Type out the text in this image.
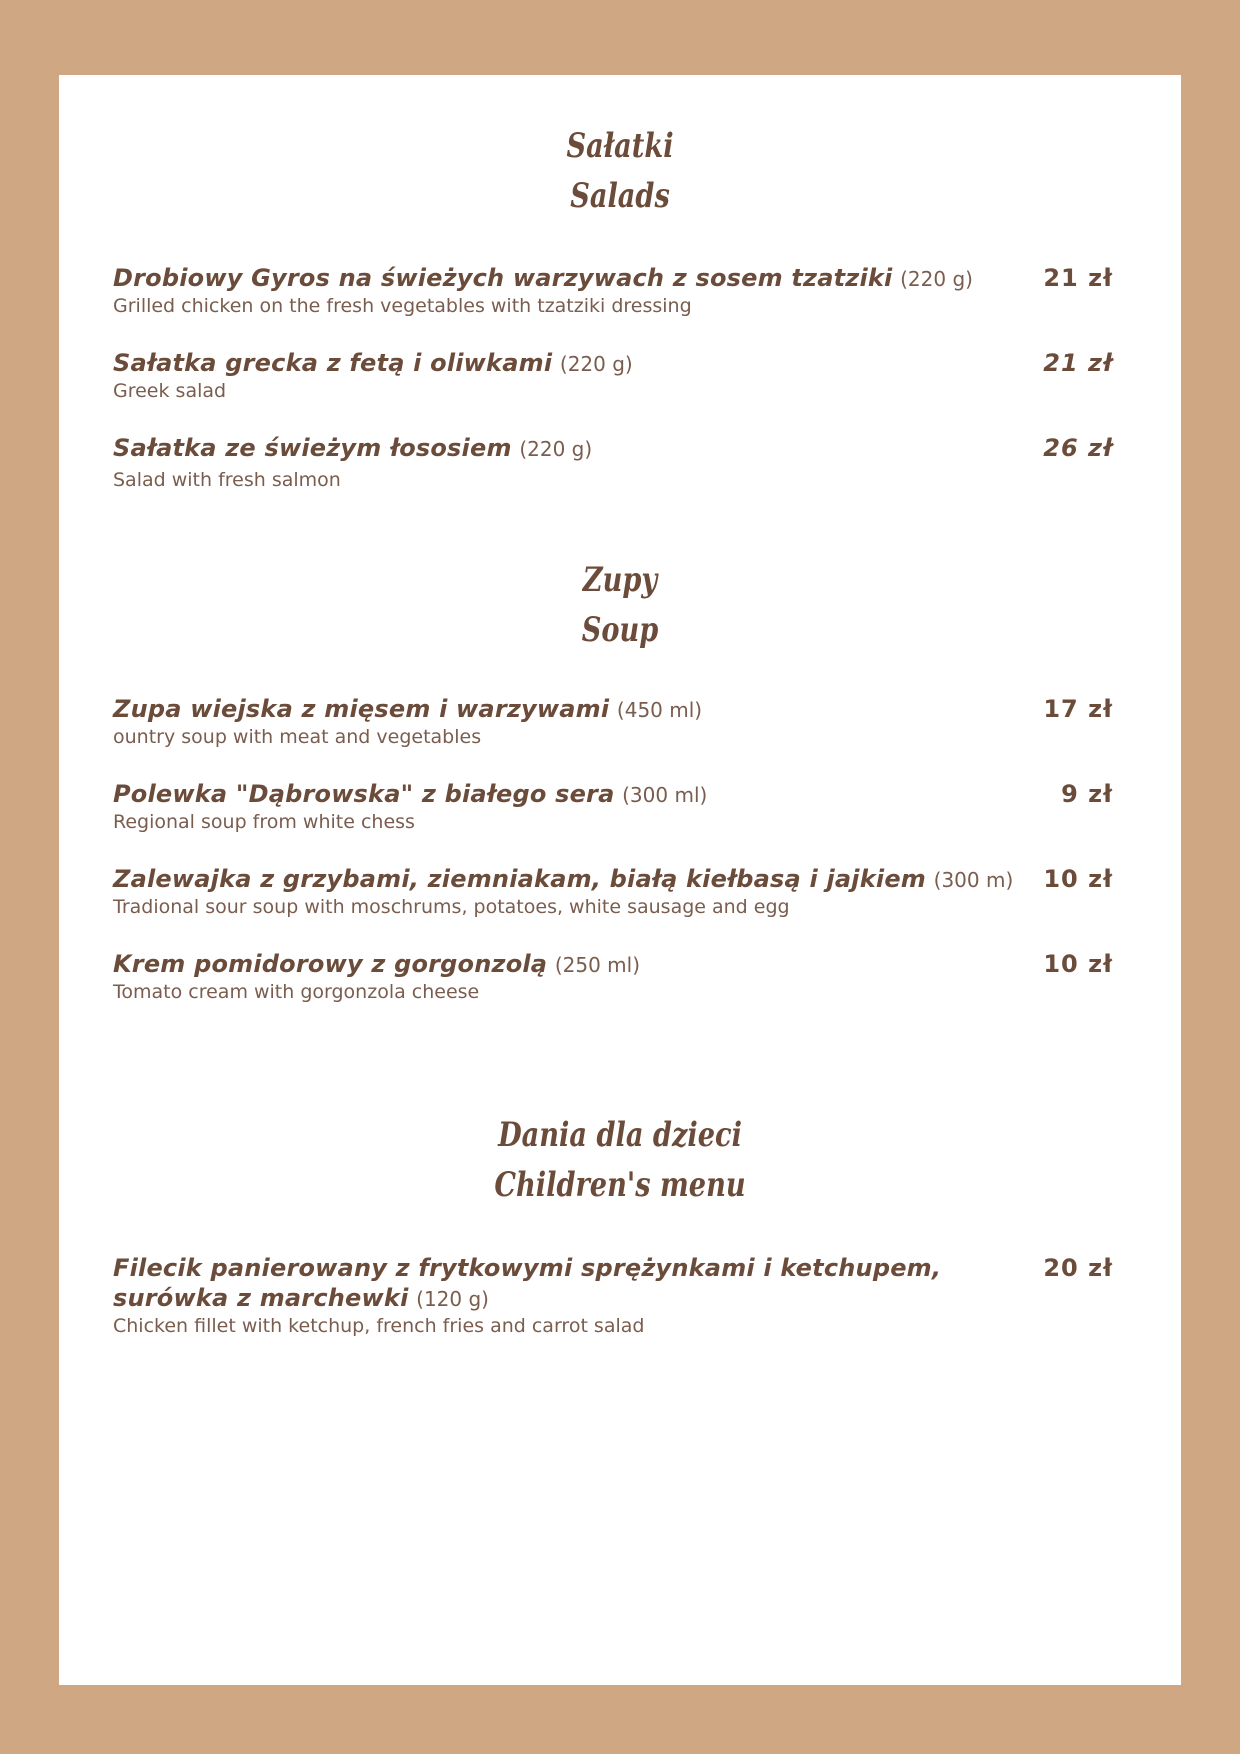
Sałatki
Salads
Drobiowy Gyros na świeżych warzywach z sosem tzatziki (220 g)
Grilled chicken on the fresh vegetables with tzatziki dressing
21 zł
Sałatka grecka z fetą i oliwkami (220 g)
Greek salad
21 zł
Sałatka ze świeżym łososiem (220 g)
Salad with fresh salmon
26 zł
Zupy
Soup
Zupa wiejska z mięsem i warzywami (450 ml)
ountry soup with meat and vegetables
17 zł
Polewka "Dąbrowska" z białego sera (300 ml)
Regional soup from white chess
9 zł
Zalewajka z grzybami, ziemniakam, białą kiełbasą i jajkiem (300 m)
Tradional sour soup with moschrums, potatoes, white sausage and egg
10 zł
Krem pomidorowy z gorgonzolą (250 ml)
Tomato cream with gorgonzola cheese
10 zł
Dania dla dzieci
Children's menu
Filecik panierowany z frytkowymi sprężynkami i ketchupem,
surówka z marchewki (120 g)
Chicken fillet with ketchup, french fries and carrot salad
20 zł
